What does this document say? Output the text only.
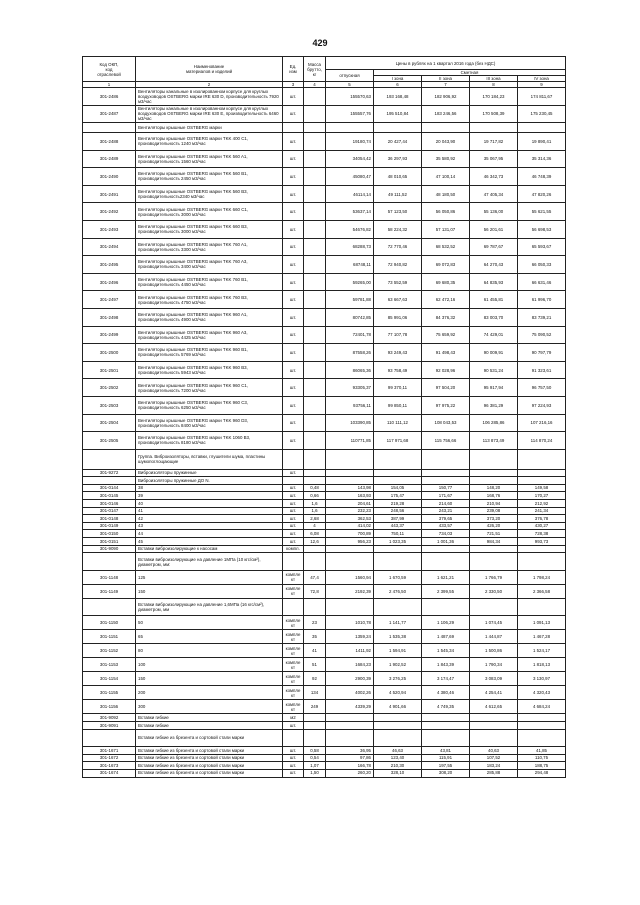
429
Код ОКП,
код
отраслевой	Наименование
материалов и изделий	Ед.
изм	Масса
брутто,
кг	Цены в рублях на 1 квартал 2016 года (без НДС)				
				отпускная	Сметная			
					I зона	II зона	III зона	IV зона
1	2	3	4	5	6	7	8	9
301-2486	Вентиляторы канальные в изолированном корпусе для круглых воздуховодов OSTBERG марки IRE 630 D, производительность 7920 м3/час	шт.		155570,63	193 168,48	182 906,92	170 184,23	174 811,67
301-2487	Вентиляторы канальные в изолированном корпусе для круглых воздуховодов OSTBERG марки IRE 630 E, производительность 6460 м3/час	шт.		155557,76	195 510,84	183 246,56	170 508,39	175 230,45
	Вентиляторы крышные OSTBERG марки							
301-2488	Вентиляторы крышные OSTBERG марки TKK 400 C1, производительность 1240 м3/час	шт.		19180,74	20 427,44	20 043,90	19 717,82	19 890,41
301-2489	Вентиляторы крышные OSTBERG марки TKK 560 A1, производительность 1560 м3/час	шт.		34054,42	36 297,93	35 580,92	35 067,95	35 314,36
301-2490	Вентиляторы крышные OSTBERG марки TKK 560 B1, производительность 2450 м3/час	шт.		45080,47	48 010,65	47 100,14	46 342,73	46 748,39
301-2491	Вентиляторы крышные OSTBERG марки TKK 560 B3, производительность2340 м3/час	шт.		46114,14	49 111,52	48 180,50	47 405,34	47 820,26
301-2492	Вентиляторы крышные OSTBERG марки TKK 660 C1, производительность 3000 м3/час	шт.		53637,14	57 123,50	56 050,86	55 136,00	55 621,55
301-2493	Вентиляторы крышные OSTBERG марки TKK 660 B3, производительность 3000 м3/час	шт.		54676,82	58 224,32	57 131,07	56 201,61	56 698,53
301-2494	Вентиляторы крышные OSTBERG марки TKK 760 A1, производительность 3300 м3/час	шт.		68288,73	72 770,46	68 532,52	69 787,67	65 593,67
301-2495	Вентиляторы крышные OSTBERG марки TKK 760 A3, производительность 3400 м3/час	шт.		68748,11	72 940,82	69 072,83	64 270,43	66 050,33
301-2496	Вентиляторы крышные OSTBERG марки TKK 760 B1, производительность 4450 м3/час	шт.		59265,00	73 552,59	69 680,35	64 835,93	66 631,46
301-2497	Вентиляторы крышные OSTBERG марки TKK 760 B3, производительность 4750 м3/час	шт.		59781,88	63 667,63	62 472,16	61 455,81	61 996,70
301-2498	Вентиляторы крышные OSTBERG марки TKK 960 A1, производительность 4900 м3/час	шт.		80742,85	85 991,06	84 376,32	83 003,70	83 739,21
301-2499	Вентиляторы крышные OSTBERG марки TKK 960 A3, производительность 4425 м3/час	шт.		72401,78	77 107,78	75 659,92	74 429,01	75 090,52
301-2500	Вентиляторы крышные OSTBERG марки TKK 960 B1, производительность 5769 м3/час	шт.		87558,26	93 249,43	91 498,43	90 009,91	90 797,79
301-2501	Вентиляторы крышные OSTBERG марки TKK 960 B3, производительность 5943 м3/час	шт.		86065,36	93 758,49	92 028,96	90 531,24	91 323,61
301-2502	Вентиляторы крышные OSTBERG марки TKK 960 C1, производительность 7200 м3/час	шт.		93305,37	99 370,11	97 504,20	95 917,94	96 757,50
301-2503	Вентиляторы крышные OSTBERG марки TKK 960 C3, производительность 6250 м3/час	шт.		93756,11	99 850,11	97 975,22	96 381,29	97 224,93
301-2504	Вентиляторы крышные OSTBERG марки TKK 960 D3, производительность 8400 м3/час	шт.		103390,85	110 111,12	108 043,53	106 285,86	107 216,16
301-2505	Вентиляторы крышные OSTBERG марки TKK 1060 B3, производительность 8180 м3/час	шт.		110771,85	117 971,68	115 756,66	113 873,49	114 870,24
	Группа. Виброизоляторы, вставки, глушители шума, пластины шумопоглощающие							
301-9272	Виброизоляторы пружинные	шт.						
	Виброизоляторы пружинные ДО N.							
301-0144	38	шт.	0,48	143,98	154,05	150,77	148,20	149,58
301-0145	39	шт.	0,66	163,93	175,47	171,67	168,76	170,27
301-0146	40	шт.	1,6	204,61	219,28	214,60	210,94	212,92
301-0147	41	шт.	1,6	232,23	248,56	243,21	239,08	241,34
301-0148	42	шт.	2,68	362,53	387,99	379,65	373,20	376,78
301-0149	43	шт.	4	414,02	443,37	433,57	426,20	430,27
301-0150	44	шт.	6,08	700,89	750,11	734,03	721,51	728,38
301-0151	45	шт.	12,6	956,23	1 023,35	1 001,36	984,34	993,73
301-9090	Вставки виброизолирующие к насосам	компл.						
	Вставки виброизолирующие на давление 1МПа (10 кгс/см²), диаметром, мм:							
301-1148	125	компле кт	47,4	1560,94	1 670,59	1 621,21	1 766,79	1 798,24
301-1149	150	компле кт	72,8	2192,39	2 476,50	2 399,55	2 330,50	2 366,58
	Вставки виброизолирующие на давление 1,6МПа (16 кгс/см²), диаметром, мм							
301-1150	50	компле кт	23	1010,78	1 141,77	1 106,29	1 074,45	1 091,13
301-1151	65	компле кт	35	1359,24	1 535,38	1 487,69	1 444,87	1 467,28
301-1152	80	компле кт	41	1411,92	1 594,91	1 545,34	1 500,86	1 524,17
301-1153	100	компле кт	51	1684,23	1 902,52	1 843,39	1 790,34	1 818,13
301-1154	150	компле кт	92	2900,39	3 276,25	3 174,47	3 083,09	3 130,97
301-1155	200	компле кт	134	4002,26	4 520,94	4 380,46	4 254,41	4 320,43
301-1156	300	компле кт	249	4339,29	4 901,66	4 749,35	4 612,65	4 684,24
301-9092	Вставки гибкие	м2						
301-9091	Вставки гибкие	шт.						
	Вставки гибкие из брезента и сортовой стали марки							
301-1671	Вставки гибкие из брезента и сортовой стали марки	шт.	0,58	36,95	46,63	43,81	40,63	41,85
301-1672	Вставки гибкие из брезента и сортовой стали марки	шт.	0,54	97,86	123,40	115,91	107,52	110,75
301-1673	Вставки гибкие из брезента и сортовой стали марки	шт.	1,07	166,78	210,30	197,55	183,24	188,75
301-1674	Вставки гибкие из брезента и сортовой стали марки	шт.	1,50	260,20	328,10	308,20	285,88	294,48
